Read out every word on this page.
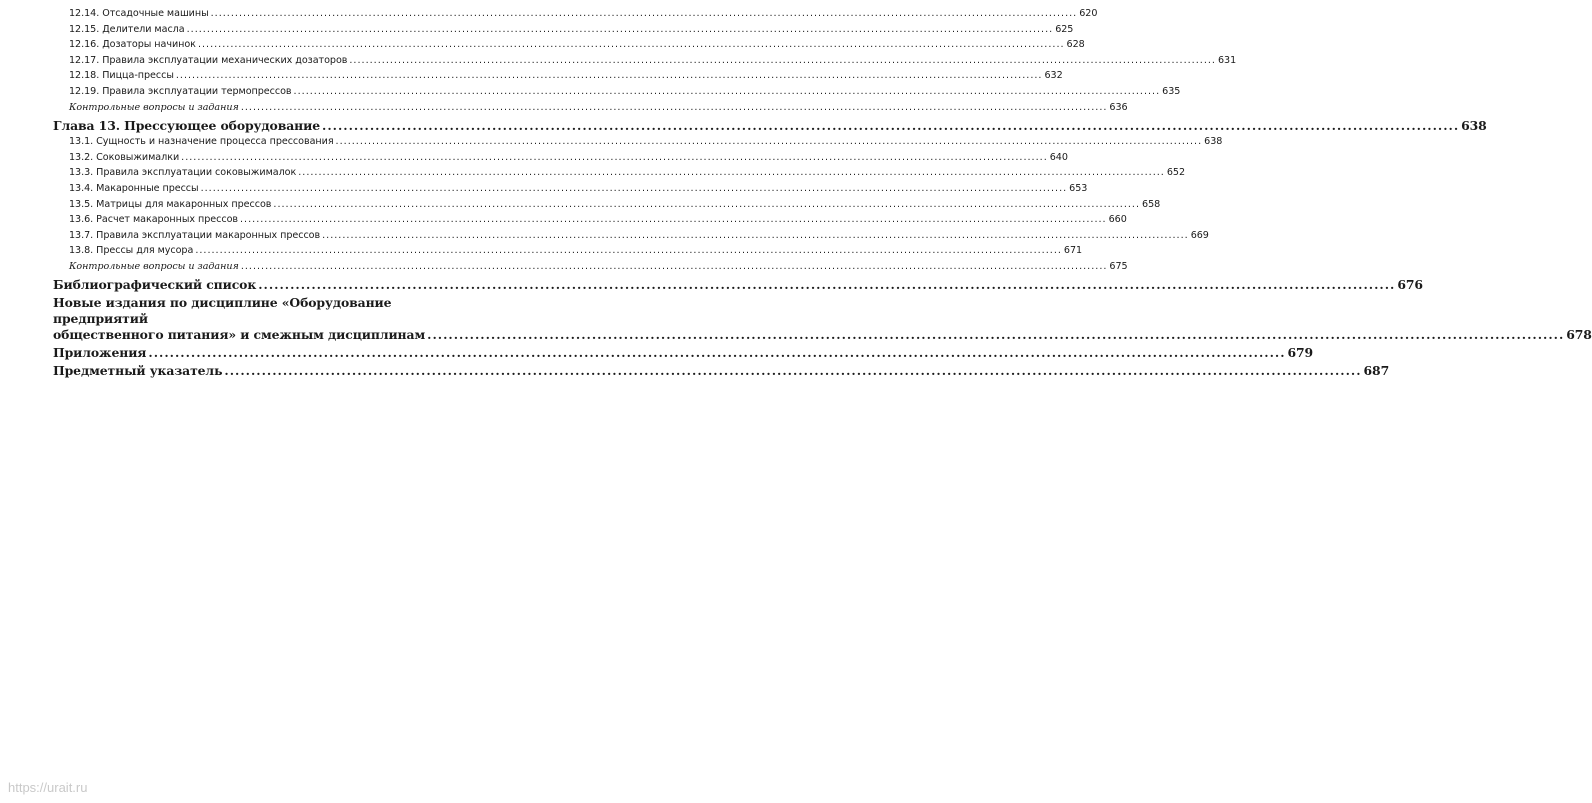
12.14. Отсадочные машины .....	620
12.15. Делители масла .....	625
12.16. Дозаторы начинок .....	628
12.17. Правила эксплуатации механических дозаторов .....	631
12.18. Пицца-прессы .....	632
12.19. Правила эксплуатации термопрессов .....	635
Контрольные вопросы и задания .....	636
Глава 13. Прессующее оборудование .....	638
13.1. Сущность и назначение процесса прессования .....	638
13.2. Соковыжималки .....	640
13.3. Правила эксплуатации соковыжималок .....	652
13.4. Макаронные прессы .....	653
13.5. Матрицы для макаронных прессов .....	658
13.6. Расчет макаронных прессов .....	660
13.7. Правила эксплуатации макаронных прессов .....	669
13.8. Прессы для мусора .....	671
Контрольные вопросы и задания .....	675
Библиографический список .....	676
Новые издания по дисциплине «Оборудование предприятий
общественного питания» и смежным дисциплинам .....	678
Приложения .....	679
Предметный указатель .....	687
https://urait.ru
